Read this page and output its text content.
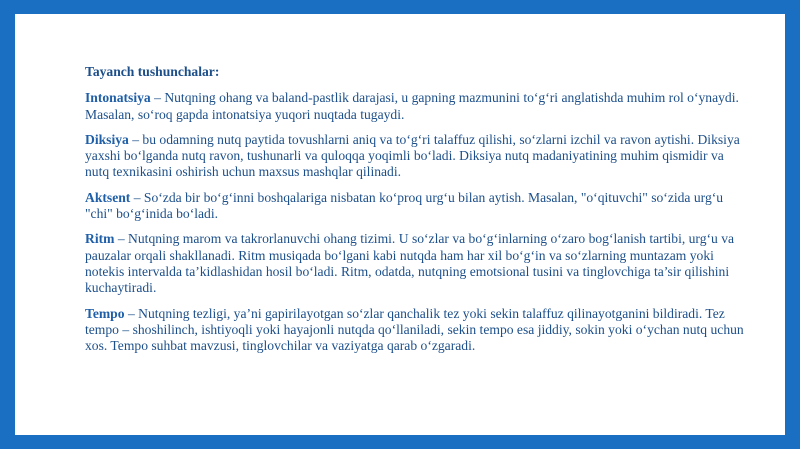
Tayanch tushunchalar:

Intonatsiya – Nutqning ohang va baland-pastlik darajasi, u gapning mazmunini to‘g‘ri anglatishda muhim rol o‘ynaydi. Masalan, so‘roq gapda intonatsiya yuqori nuqtada tugaydi.

Diksiya – bu odamning nutq paytida tovushlarni aniq va to‘g‘ri talaffuz qilishi, so‘zlarni izchil va ravon aytishi. Diksiya yaxshi bo‘lganda nutq ravon, tushunarli va quloqqa yoqimli bo‘ladi. Diksiya nutq madaniyatining muhim qismidir va nutq texnikasini oshirish uchun maxsus mashqlar qilinadi.

Aktsent – So‘zda bir bo‘g‘inni boshqalariga nisbatan ko‘proq urg‘u bilan aytish. Masalan, "o‘qituvchi" so‘zida urg‘u "chi" bo‘g‘inida bo‘ladi.

Ritm – Nutqning marom va takrorlanuvchi ohang tizimi. U so‘zlar va bo‘g‘inlarning o‘zaro bog‘lanish tartibi, urg‘u va pauzalar orqali shakllanadi. Ritm musiqada bo‘lgani kabi nutqda ham har xil bo‘g‘in va so‘zlarning muntazam yoki notekis intervalda ta’kidlashidan hosil bo‘ladi. Ritm, odatda, nutqning emotsional tusini va tinglovchiga ta’sir qilishini kuchaytiradi.

Tempo – Nutqning tezligi, ya’ni gapirilayotgan so‘zlar qanchalik tez yoki sekin talaffuz qilinayotganini bildiradi. Tez tempo – shoshilinch, ishtiyoqli yoki hayajonli nutqda qo‘llaniladi, sekin tempo esa jiddiy, sokin yoki o‘ychan nutq uchun xos. Tempo suhbat mavzusi, tinglovchilar va vaziyatga qarab o‘zgaradi.
